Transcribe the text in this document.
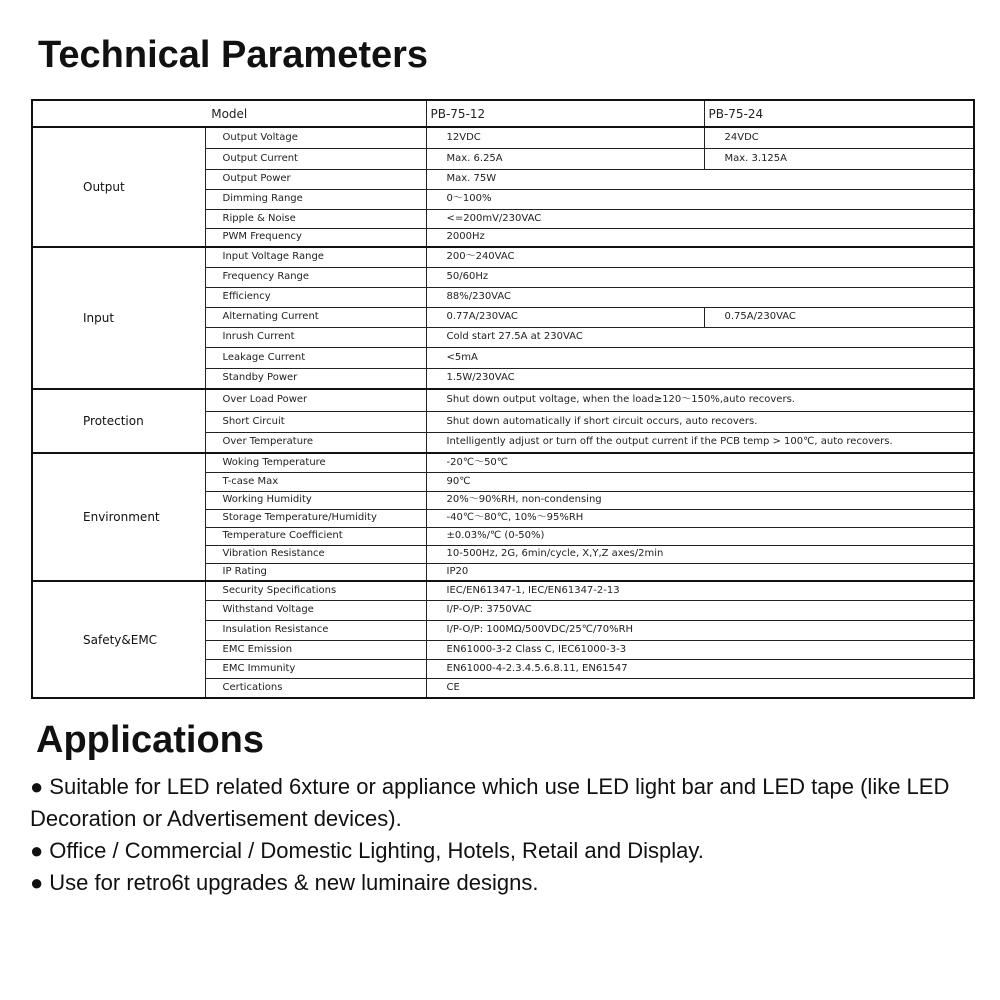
Technical Parameters
Model		PB-75-12	PB-75-24
Output	Output Voltage	12VDC	24VDC
	Output Current	Max. 6.25A	Max. 3.125A
	Output Power	Max. 75W	
	Dimming Range	0～100%	
	Ripple & Noise	<=200mV/230VAC	
	PWM Frequency	2000Hz	
Input	Input Voltage Range	200～240VAC	
	Frequency Range	50/60Hz	
	Efficiency	88%/230VAC	
	Alternating Current	0.77A/230VAC	0.75A/230VAC
	Inrush Current	Cold start 27.5A at 230VAC	
	Leakage Current	<5mA	
	Standby Power	1.5W/230VAC	
Protection	Over Load Power	Shut down output voltage, when the load≥120～150%,auto recovers.	
	Short Circuit	Shut down automatically if short circuit occurs, auto recovers.	
	Over Temperature	Intelligently adjust or turn off the output current if the PCB temp > 100℃, auto recovers.	
Environment	Woking Temperature	-20℃～50℃	
	T-case Max	90℃	
	Working Humidity	20%～90%RH, non-condensing	
	Storage Temperature/Humidity	-40℃～80℃, 10%～95%RH	
	Temperature Coefficient	±0.03%/℃ (0-50%)	
	Vibration Resistance	10-500Hz, 2G, 6min/cycle, X,Y,Z axes/2min	
	IP Rating	IP20	
Safety&EMC	Security Specifications	IEC/EN61347-1, IEC/EN61347-2-13	
	Withstand Voltage	I/P-O/P: 3750VAC	
	Insulation Resistance	I/P-O/P: 100MΩ/500VDC/25℃/70%RH	
	EMC Emission	EN61000-3-2 Class C, IEC61000-3-3	
	EMC Immunity	EN61000-4-2.3.4.5.6.8.11, EN61547	
	Certications	CE	
Applications
● Suitable for LED related 6xture or appliance which use LED light bar and LED tape (like LED Decoration or Advertisement devices).
● Office / Commercial / Domestic Lighting, Hotels, Retail and Display.
● Use for retro6t upgrades & new luminaire designs.
